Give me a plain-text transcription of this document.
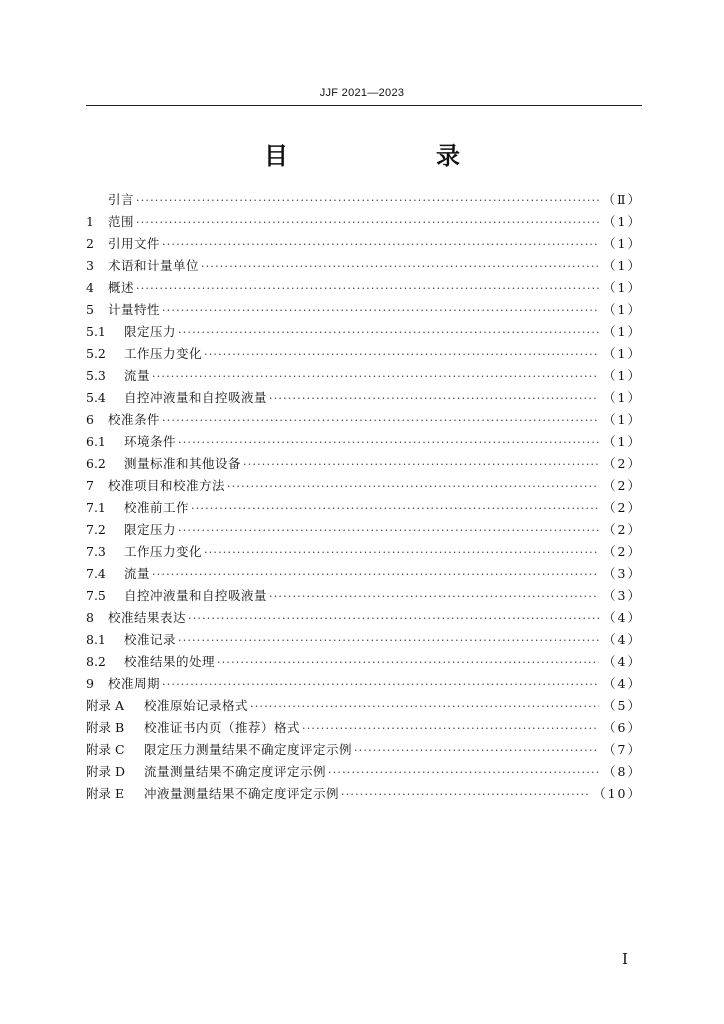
JJF 2021—2023
目　录
引言 ·····	（Ⅱ）
1	范围 ·····	（1）
2	引用文件 ·····	（1）
3	术语和计量单位 ·····	（1）
4	概述 ·····	（1）
5	计量特性 ·····	（1）
5.1	限定压力 ·····	（1）
5.2	工作压力变化 ·····	（1）
5.3	流量 ·····	（1）
5.4	自控冲液量和自控吸液量 ·····	（1）
6	校准条件 ·····	（1）
6.1	环境条件 ·····	（1）
6.2	测量标准和其他设备 ·····	（2）
7	校准项目和校准方法 ·····	（2）
7.1	校准前工作 ·····	（2）
7.2	限定压力 ·····	（2）
7.3	工作压力变化 ·····	（2）
7.4	流量 ·····	（3）
7.5	自控冲液量和自控吸液量 ·····	（3）
8	校准结果表达 ·····	（4）
8.1	校准记录 ·····	（4）
8.2	校准结果的处理 ·····	（4）
9	校准周期 ·····	（4）
附录 A	校准原始记录格式 ·····	（5）
附录 B	校准证书内页（推荐）格式 ·····	（6）
附录 C	限定压力测量结果不确定度评定示例 ·····	（7）
附录 D	流量测量结果不确定度评定示例 ·····	（8）
附录 E	冲液量测量结果不确定度评定示例 ·····	（10）
I
